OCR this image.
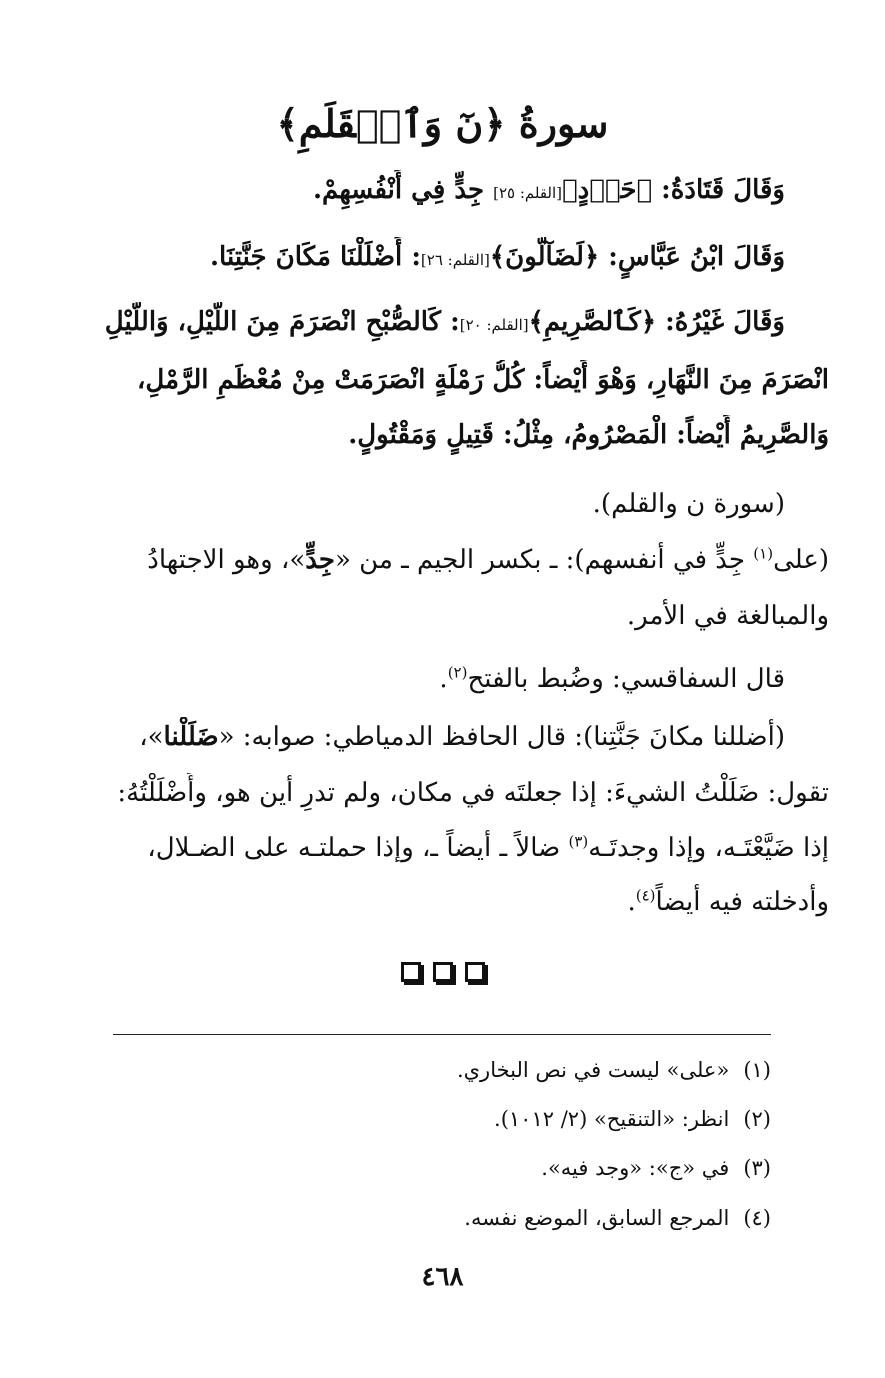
سورةُ ﴿نٓ وَٱلۡقَلَمِ﴾
وَقَالَ قَتَادَةُ: ﴿حَرۡدٍ﴾[القلم: ٢٥] جِدٍّ فِي أَنْفُسِهِمْ.
وَقَالَ ابْنُ عَبَّاسٍ: ﴿لَضَآلُّونَ﴾[القلم: ٢٦]: أَضْلَلْنَا مَكَانَ جَنَّتِنَا.
وَقَالَ غَيْرُهُ: ﴿كَٱلصَّرِيمِ﴾[القلم: ٢٠]: كَالصُّبْحِ انْصَرَمَ مِنَ اللَّيْلِ، وَاللَّيْلِ
انْصَرَمَ مِنَ النَّهَارِ، وَهْوَ أَيْضاً: كُلُّ رَمْلَةٍ انْصَرَمَتْ مِنْ مُعْظَمِ الرَّمْلِ،
وَالصَّرِيمُ أَيْضاً: الْمَصْرُومُ، مِثْلُ: قَتِيلٍ وَمَقْتُولٍ.
(سورة ن والقلم).
(على$^{(١)}$ جِدٍّ في أنفسهم): ـ بكسر الجيم ـ من «جِدٍّ»، وهو الاجتهادُ
والمبالغة في الأمر.
قال السفاقسي: وضُبط بالفتح$^{(٢)}$.
(أضللنا مكانَ جَنَّتِنا): قال الحافظ الدمياطي: صوابه: «ضَلَلْنا»،
تقول: ضَلَلْتُ الشيءَ: إذا جعلتَه في مكان، ولم تدرِ أين هو، وأَضْلَلْتُهُ:
إذا ضَيَّعْتَـه، وإذا وجدتَـه$^{(٣)}$ ضالاً ـ أيضاً ـ، وإذا حملتـه على الضـلال،
وأدخلته فيه أيضاً$^{(٤)}$.
(١)«على» ليست في نص البخاري.
(٢)انظر: «التنقيح» (٢/ ١٠١٢).
(٣)في «ج»: «وجد فيه».
(٤)المرجع السابق، الموضع نفسه.
٤٦٨
